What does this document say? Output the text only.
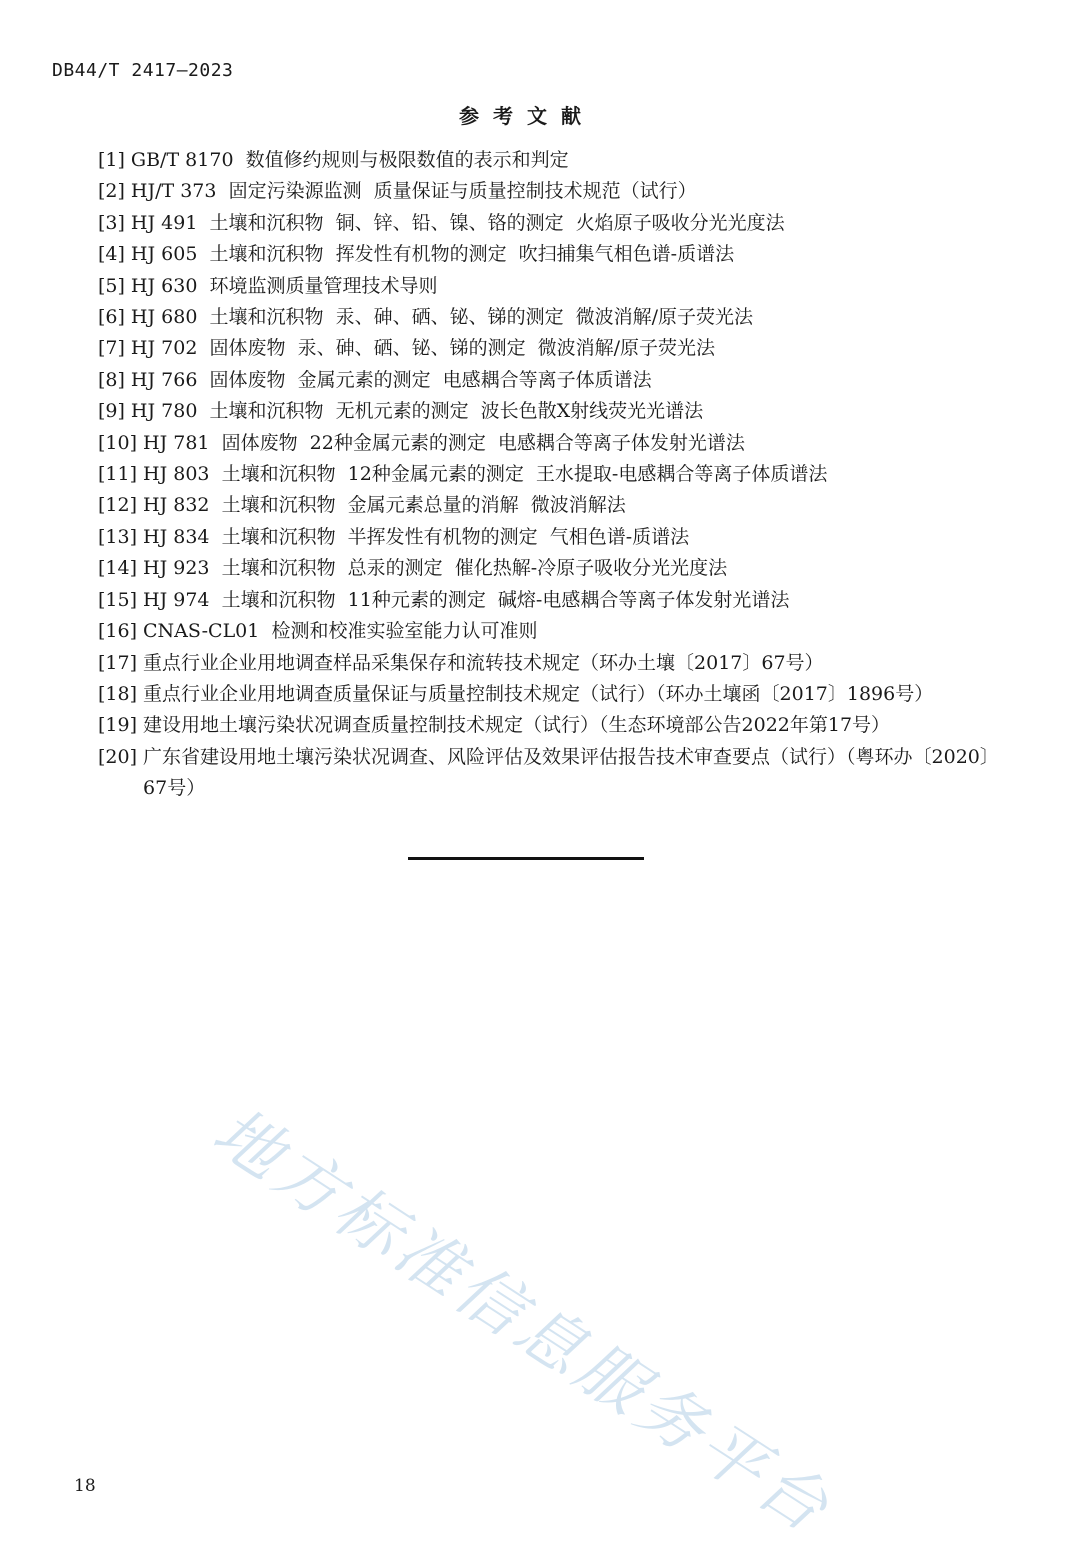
DB44/T 2417—2023
参考文献
[1] GB/T 8170  数值修约规则与极限数值的表示和判定
[2] HJ/T 373  固定污染源监测  质量保证与质量控制技术规范（试行）
[3] HJ 491  土壤和沉积物  铜、锌、铅、镍、铬的测定  火焰原子吸收分光光度法
[4] HJ 605  土壤和沉积物  挥发性有机物的测定  吹扫捕集气相色谱-质谱法
[5] HJ 630  环境监测质量管理技术导则
[6] HJ 680  土壤和沉积物  汞、砷、硒、铋、锑的测定  微波消解/原子荧光法
[7] HJ 702  固体废物  汞、砷、硒、铋、锑的测定  微波消解/原子荧光法
[8] HJ 766  固体废物  金属元素的测定  电感耦合等离子体质谱法
[9] HJ 780  土壤和沉积物  无机元素的测定  波长色散X射线荧光光谱法
[10] HJ 781  固体废物  22种金属元素的测定  电感耦合等离子体发射光谱法
[11] HJ 803  土壤和沉积物  12种金属元素的测定  王水提取-电感耦合等离子体质谱法
[12] HJ 832  土壤和沉积物  金属元素总量的消解  微波消解法
[13] HJ 834  土壤和沉积物  半挥发性有机物的测定  气相色谱-质谱法
[14] HJ 923  土壤和沉积物  总汞的测定  催化热解-冷原子吸收分光光度法
[15] HJ 974  土壤和沉积物  11种元素的测定  碱熔-电感耦合等离子体发射光谱法
[16] CNAS-CL01  检测和校准实验室能力认可准则
[17] 重点行业企业用地调查样品采集保存和流转技术规定（环办土壤〔2017〕67号）
[18] 重点行业企业用地调查质量保证与质量控制技术规定（试行）（环办土壤函〔2017〕1896号）
[19] 建设用地土壤污染状况调查质量控制技术规定（试行）（生态环境部公告2022年第17号）
[20] 广东省建设用地土壤污染状况调查、风险评估及效果评估报告技术审查要点（试行）（粤环办〔2020〕67号）
地方标准信息服务平台
18
